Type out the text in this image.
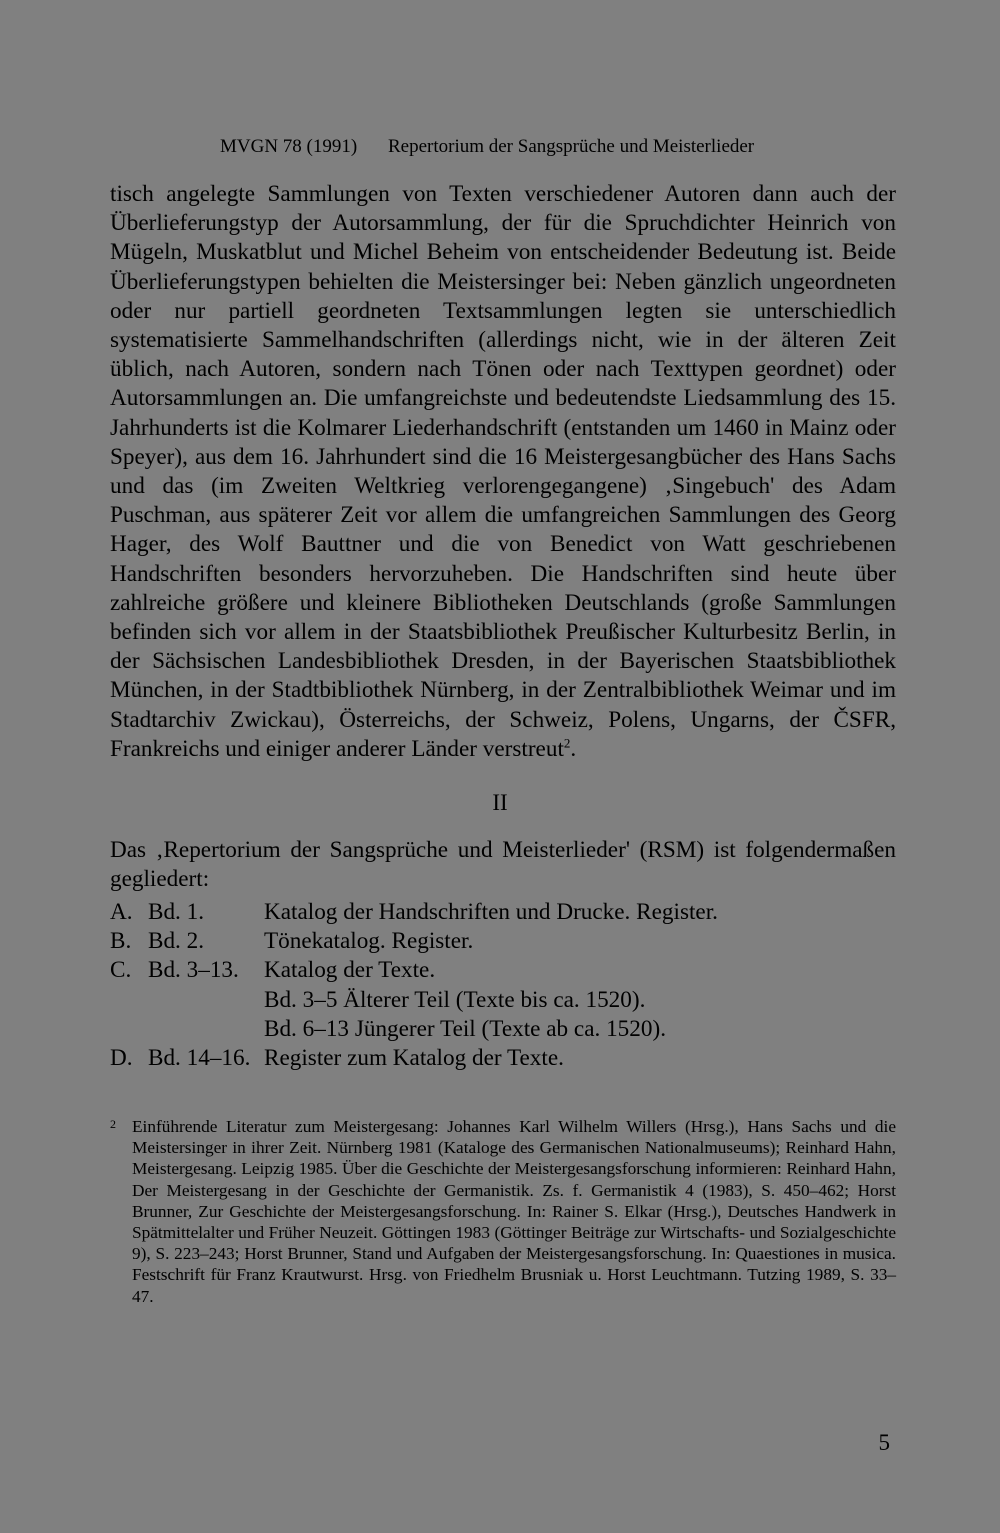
MVGN 78 (1991) Repertorium der Sangsprüche und Meisterlieder

tisch angelegte Sammlungen von Texten verschiedener Autoren dann auch der Überlieferungstyp der Autorsammlung, der für die Spruchdichter Heinrich von Mügeln, Muskatblut und Michel Beheim von entscheidender Bedeutung ist. Beide Überlieferungstypen behielten die Meistersinger bei: Neben gänzlich ungeordneten oder nur partiell geordneten Textsammlungen legten sie unterschiedlich systematisierte Sammelhandschriften (allerdings nicht, wie in der älteren Zeit üblich, nach Autoren, sondern nach Tönen oder nach Texttypen geordnet) oder Autorsammlungen an. Die umfangreichste und bedeutendste Liedsammlung des 15. Jahrhunderts ist die Kolmarer Liederhandschrift (entstanden um 1460 in Mainz oder Speyer), aus dem 16. Jahrhundert sind die 16 Meistergesangbücher des Hans Sachs und das (im Zweiten Weltkrieg verlorengegangene) ‚Singebuch' des Adam Puschman, aus späterer Zeit vor allem die umfangreichen Sammlungen des Georg Hager, des Wolf Bauttner und die von Benedict von Watt geschriebenen Handschriften besonders hervorzuheben. Die Handschriften sind heute über zahlreiche größere und kleinere Bibliotheken Deutschlands (große Sammlungen befinden sich vor allem in der Staatsbibliothek Preußischer Kulturbesitz Berlin, in der Sächsischen Landesbibliothek Dresden, in der Bayerischen Staatsbibliothek München, in der Stadtbibliothek Nürnberg, in der Zentralbibliothek Weimar und im Stadtarchiv Zwickau), Österreichs, der Schweiz, Polens, Ungarns, der ČSFR, Frankreichs und einiger anderer Länder verstreut$^2$.

II

Das ‚Repertorium der Sangsprüche und Meisterlieder' (RSM) ist folgendermaßen gegliedert:

A. Bd. 1.	Katalog der Handschriften und Drucke. Register.
B. Bd. 2.	Tönekatalog. Register.
C. Bd. 3–13. Katalog der Texte.
Bd. 3–5 Älterer Teil (Texte bis ca. 1520).
Bd. 6–13 Jüngerer Teil (Texte ab ca. 1520).
D. Bd. 14–16. Register zum Katalog der Texte.
2 Einführende Literatur zum Meistergesang: Johannes Karl Wilhelm Willers (Hrsg.), Hans Sachs und die Meistersinger in ihrer Zeit. Nürnberg 1981 (Kataloge des Germanischen Nationalmuseums); Reinhard Hahn, Meistergesang. Leipzig 1985. Über die Geschichte der Meistergesangsforschung informieren: Reinhard Hahn, Der Meistergesang in der Geschichte der Germanistik. Zs. f. Germanistik 4 (1983), S. 450–462; Horst Brunner, Zur Geschichte der Meistergesangsforschung. In: Rainer S. Elkar (Hrsg.), Deutsches Handwerk in Spätmittelalter und Früher Neuzeit. Göttingen 1983 (Göttinger Beiträge zur Wirtschafts- und Sozialgeschichte 9), S. 223–243; Horst Brunner, Stand und Aufgaben der Meistergesangsforschung. In: Quaestiones in musica. Festschrift für Franz Krautwurst. Hrsg. von Friedhelm Brusniak u. Horst Leuchtmann. Tutzing 1989, S. 33–47.
5
